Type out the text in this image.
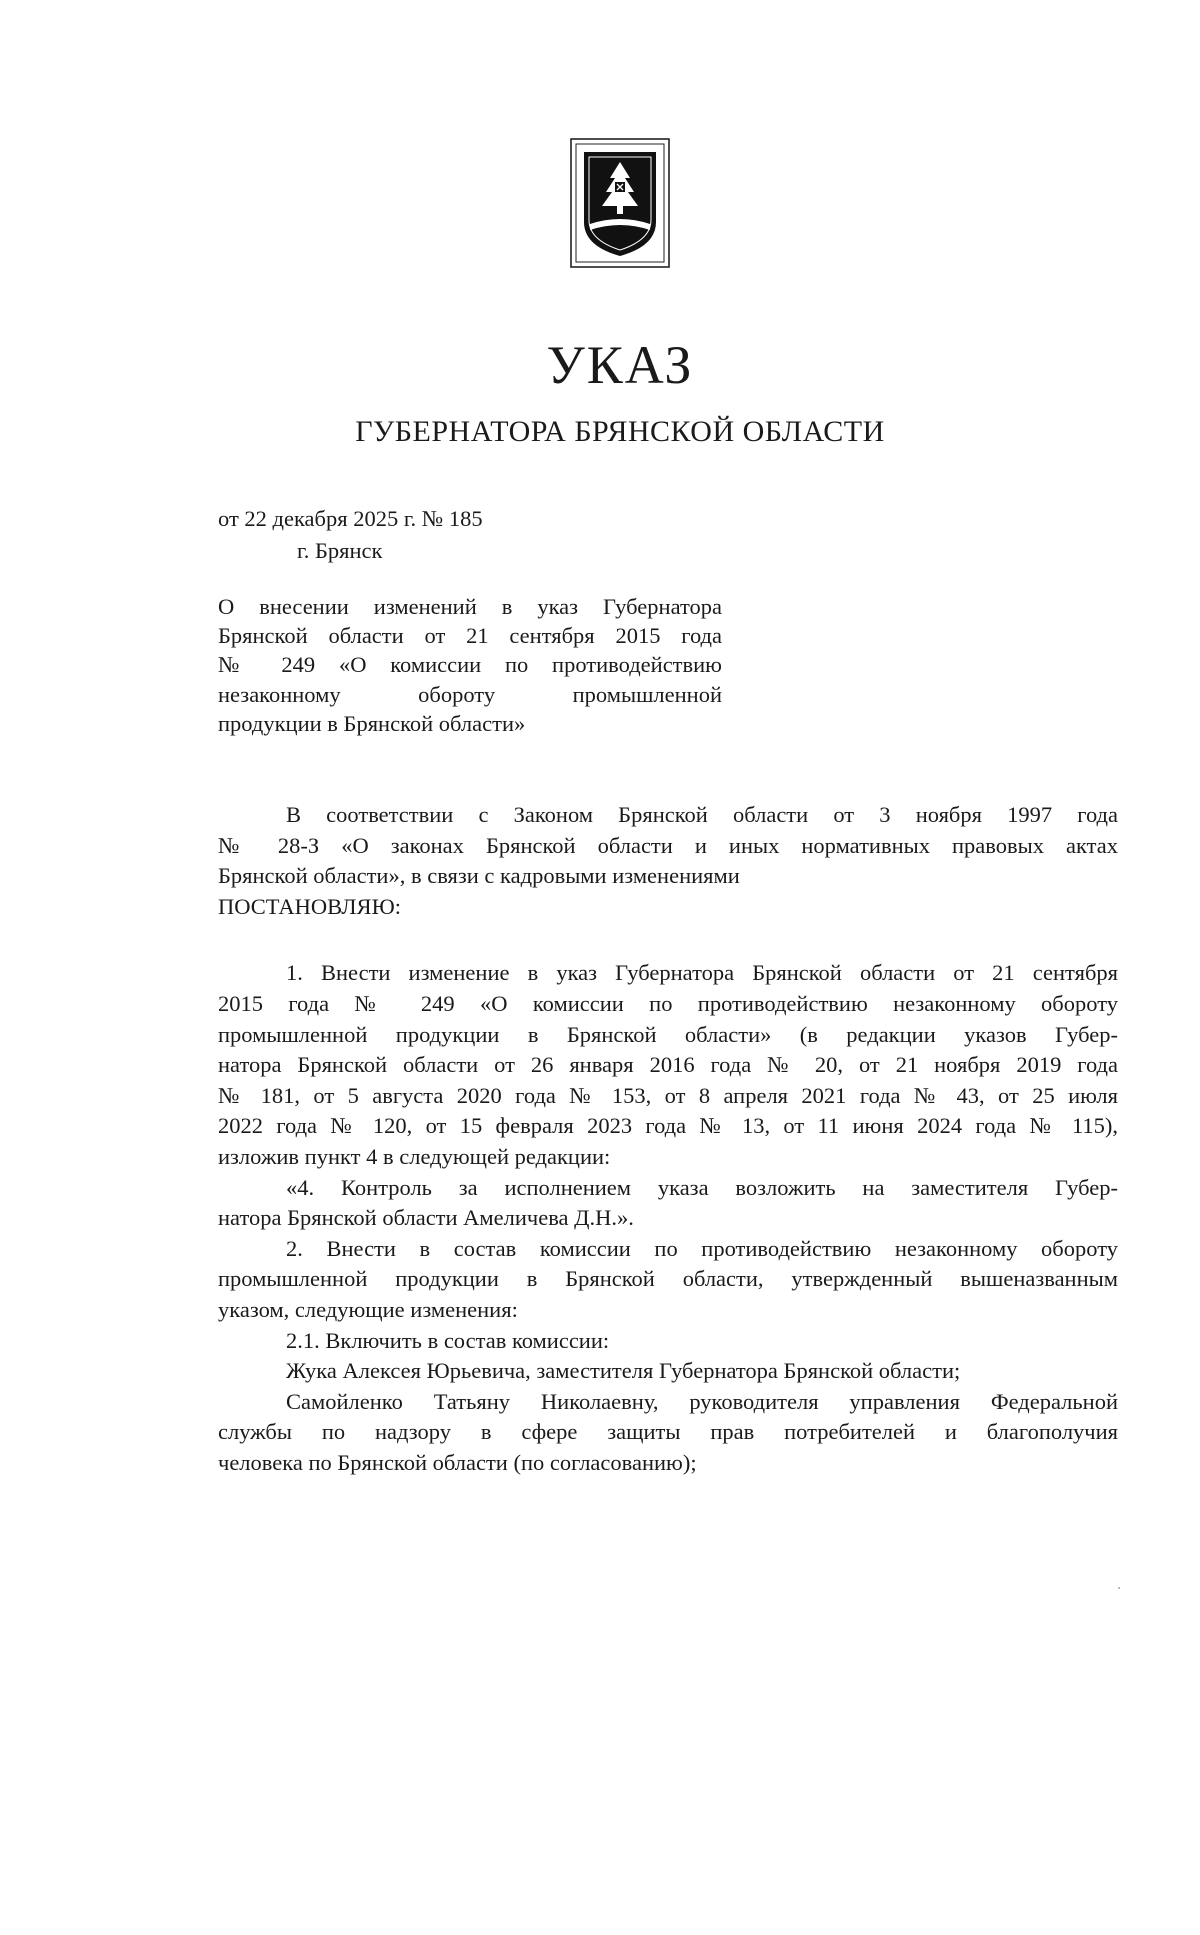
УКАЗ
ГУБЕРНАТОРА БРЯНСКОЙ ОБЛАСТИ
от 22 декабря 2025 г. № 185
г. Брянск
О внесении изменений в указ Губернатора
Брянской области от 21 сентября 2015 года
№ 249 «О комиссии по противодействию
незаконному обороту промышленной
продукции в Брянской области»
В соответствии с Законом Брянской области от 3 ноября 1997 года
№ 28-З «О законах Брянской области и иных нормативных правовых актах
Брянской области», в связи с кадровыми изменениями
ПОСТАНОВЛЯЮ:
1. Внести изменение в указ Губернатора Брянской области от 21 сентября
2015 года № 249 «О комиссии по противодействию незаконному обороту
промышленной продукции в Брянской области» (в редакции указов Губер-
натора Брянской области от 26 января 2016 года № 20, от 21 ноября 2019 года
№ 181, от 5 августа 2020 года № 153, от 8 апреля 2021 года № 43, от 25 июля
2022 года № 120, от 15 февраля 2023 года № 13, от 11 июня 2024 года № 115),
изложив пункт 4 в следующей редакции:
«4. Контроль за исполнением указа возложить на заместителя Губер-
натора Брянской области Амеличева Д.Н.».
2. Внести в состав комиссии по противодействию незаконному обороту
промышленной продукции в Брянской области, утвержденный вышеназванным
указом, следующие изменения:
2.1. Включить в состав комиссии:
Жука Алексея Юрьевича, заместителя Губернатора Брянской области;
Самойленко Татьяну Николаевну, руководителя управления Федеральной
службы по надзору в сфере защиты прав потребителей и благополучия
человека по Брянской области (по согласованию);
